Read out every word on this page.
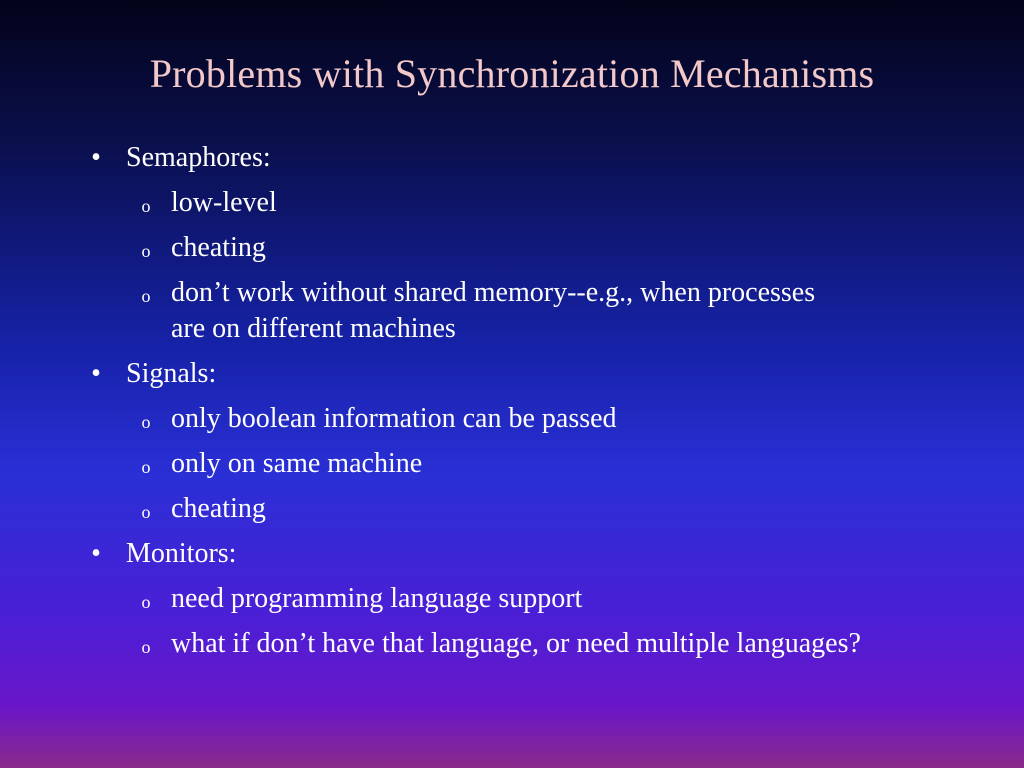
Problems with Synchronization Mechanisms
• Semaphores:
o low-level
o cheating
o don’t work without shared memory--e.g., when processes are on different machines
• Signals:
o only boolean information can be passed
o only on same machine
o cheating
• Monitors:
o need programming language support
o what if don’t have that language, or need multiple languages?
